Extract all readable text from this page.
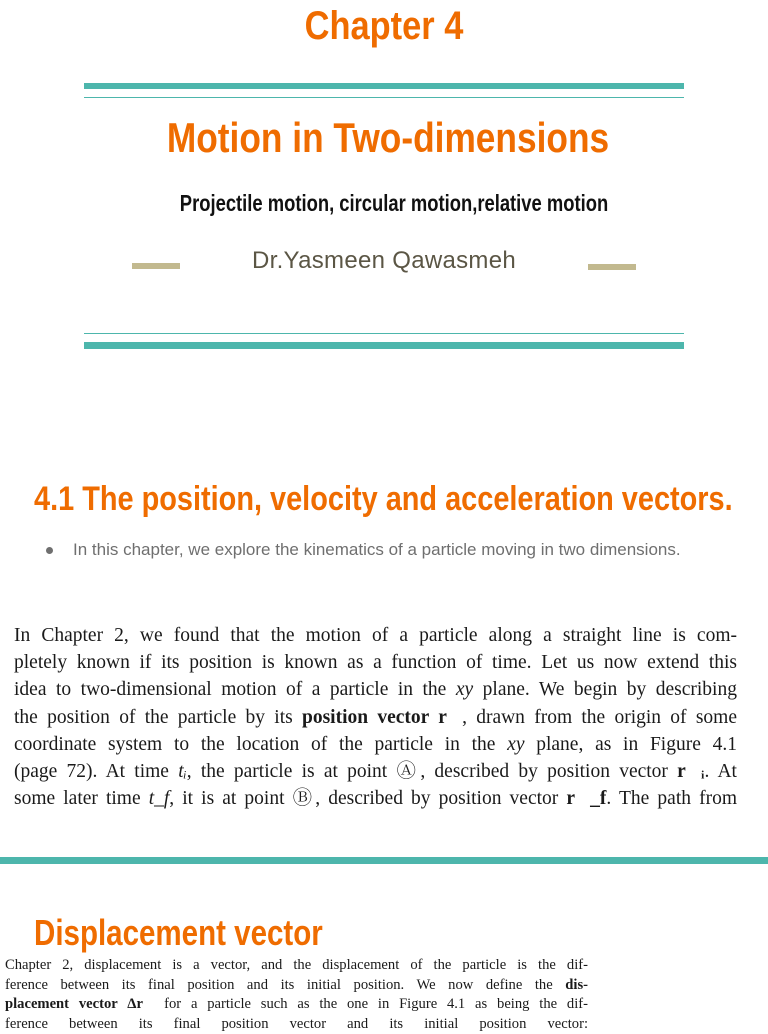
Chapter 4
Motion in Two-dimensions
Projectile motion, circular motion,relative motion
Dr.Yasmeen Qawasmeh
4.1 The position, velocity and acceleration vectors.
In this chapter, we explore the kinematics of a particle moving in two dimensions.
In Chapter 2, we found that the motion of a particle along a straight line is com-
pletely known if its position is known as a function of time. Let us now extend this
idea to two-dimensional motion of a particle in the xy plane. We begin by describing
the position of the particle by its position vector r⃗, drawn from the origin of some
coordinate system to the location of the particle in the xy plane, as in Figure 4.1
(page 72). At time tᵢ, the particle is at point Ⓐ, described by position vector r⃗ᵢ. At
some later time t_f, it is at point Ⓑ, described by position vector r⃗_f. The path from
Displacement vector
Chapter 2, displacement is a vector, and the displacement of the particle is the dif-
ference between its final position and its initial position. We now define the dis-
placement vector Δr⃗ for a particle such as the one in Figure 4.1 as being the dif-
ference between its final position vector and its initial position vector:
